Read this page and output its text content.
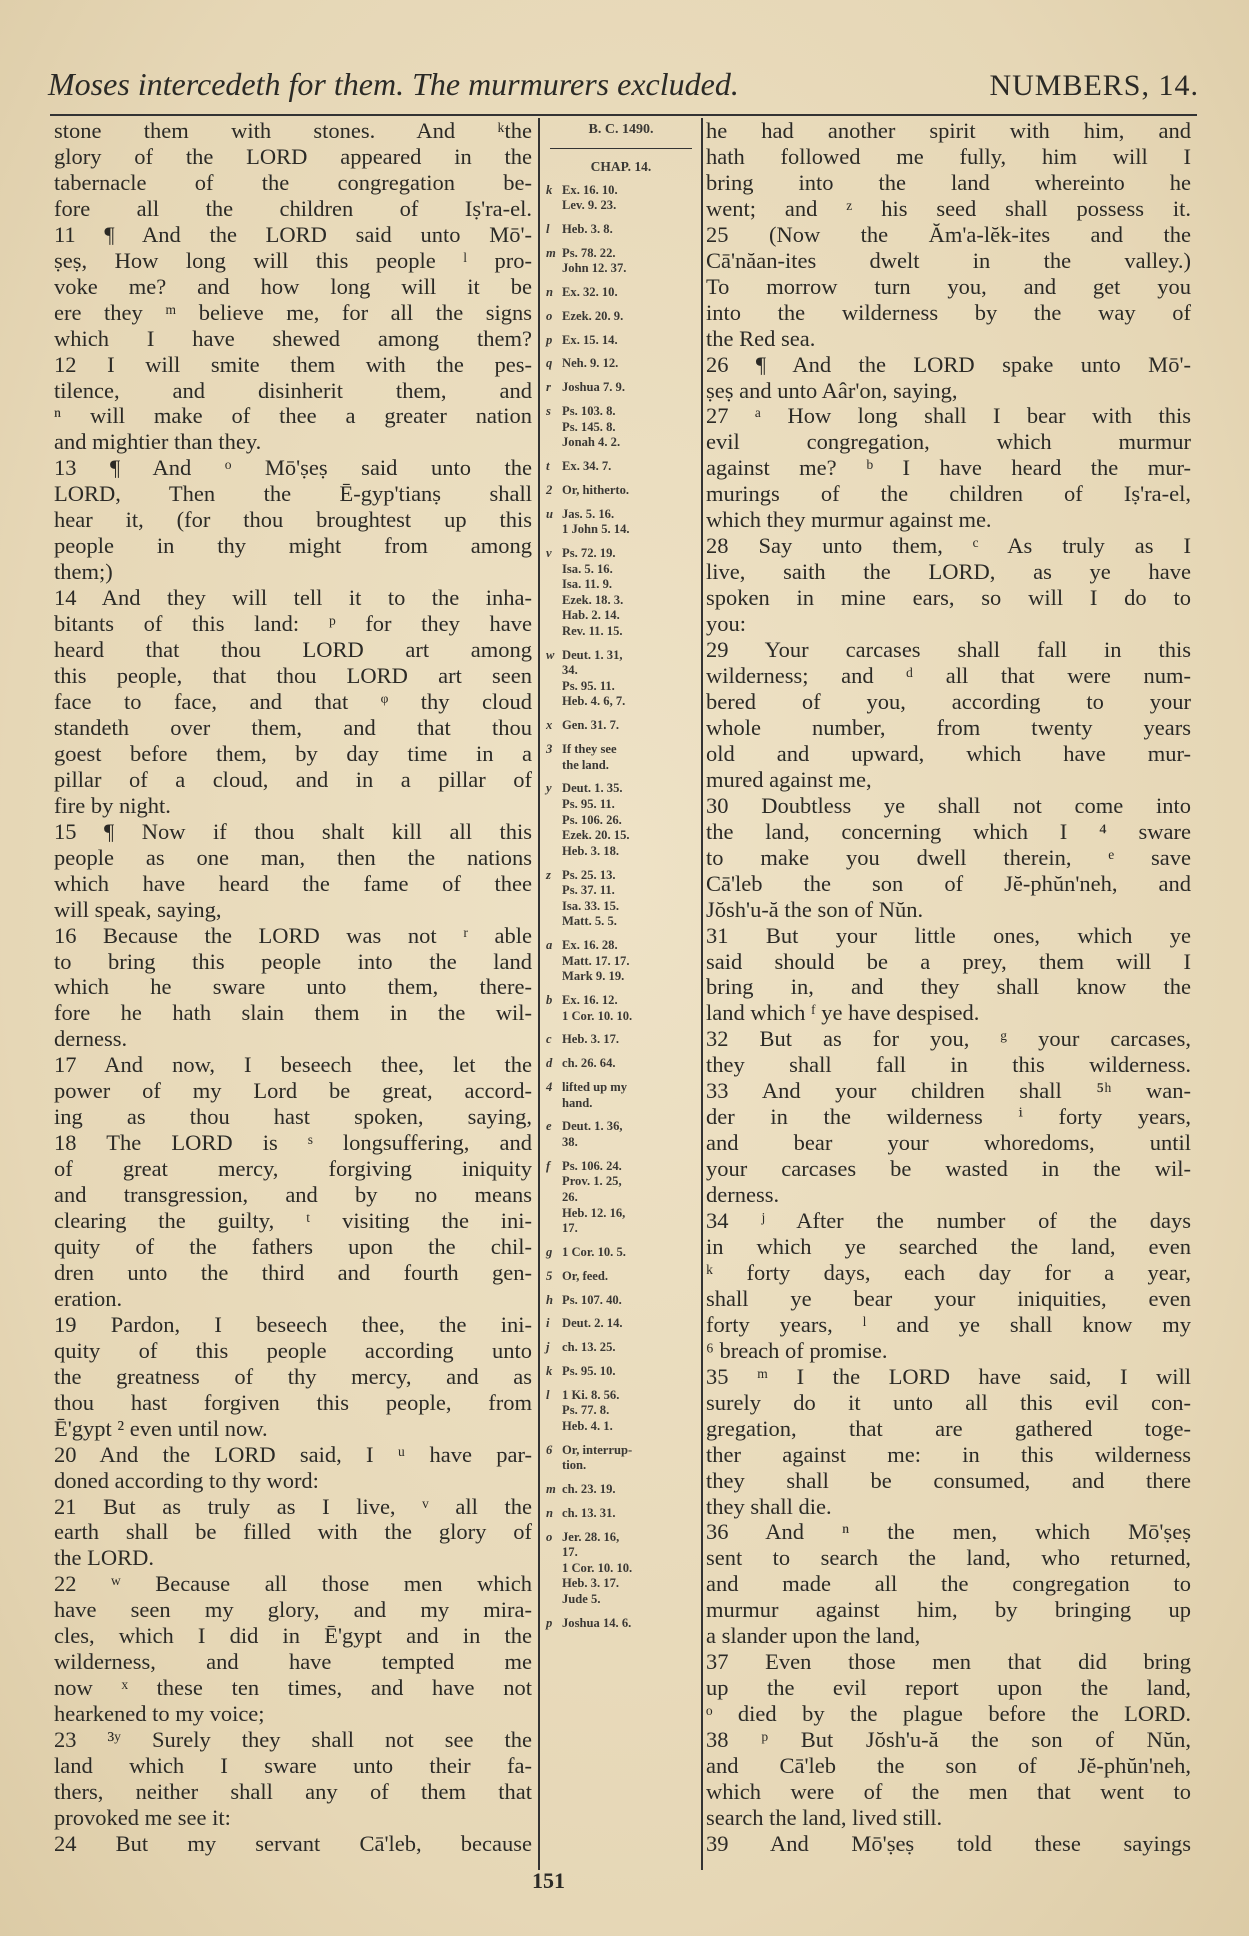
Moses intercedeth for them. The murmurers excluded.	NUMBERS, 14.
stone them with stones. And ᵏthe
glory of the LORD appeared in the
tabernacle of the congregation be-
fore all the children of Iṣ'ra-el.
11 ¶ And the LORD said unto Mō'-
ṣeṣ, How long will this people ˡ pro-
voke me? and how long will it be
ere they ᵐ believe me, for all the signs
which I have shewed among them?
12 I will smite them with the pes-
tilence, and disinherit them, and
ⁿ will make of thee a greater nation
and mightier than they.
13 ¶ And ᵒ Mō'ṣeṣ said unto the
LORD, Then the Ē-gyp'tianṣ shall
hear it, (for thou broughtest up this
people in thy might from among
them;)
14 And they will tell it to the inha-
bitants of this land: ᵖ for they have
heard that thou LORD art among
this people, that thou LORD art seen
face to face, and that ᵠ thy cloud
standeth over them, and that thou
goest before them, by day time in a
pillar of a cloud, and in a pillar of
fire by night.
15 ¶ Now if thou shalt kill all this
people as one man, then the nations
which have heard the fame of thee
will speak, saying,
16 Because the LORD was not ʳ able
to bring this people into the land
which he sware unto them, there-
fore he hath slain them in the wil-
derness.
17 And now, I beseech thee, let the
power of my Lord be great, accord-
ing as thou hast spoken, saying,
18 The LORD is ˢ longsuffering, and
of great mercy, forgiving iniquity
and transgression, and by no means
clearing the guilty, ᵗ visiting the ini-
quity of the fathers upon the chil-
dren unto the third and fourth gen-
eration.
19 Pardon, I beseech thee, the ini-
quity of this people according unto
the greatness of thy mercy, and as
thou hast forgiven this people, from
Ē'gypt ² even until now.
20 And the LORD said, I ᵘ have par-
doned according to thy word:
21 But as truly as I live, ᵛ all the
earth shall be filled with the glory of
the LORD.
22 ʷ Because all those men which
have seen my glory, and my mira-
cles, which I did in Ē'gypt and in the
wilderness, and have tempted me
now ˣ these ten times, and have not
hearkened to my voice;
23 ³ʸ Surely they shall not see the
land which I sware unto their fa-
thers, neither shall any of them that
provoked me see it:
24 But my servant Cā'leb, because
B. C. 1490.
CHAP. 14.
k Ex. 16. 10.
Lev. 9. 23.
l Heb. 3. 8.
m Ps. 78. 22.
John 12. 37.
n Ex. 32. 10.
o Ezek. 20. 9.
p Ex. 15. 14.
q Neh. 9. 12.
r Joshua 7. 9.
s Ps. 103. 8.
Ps. 145. 8.
Jonah 4. 2.
t Ex. 34. 7.
2 Or, hitherto.
u Jas. 5. 16.
1 John 5. 14.
v Ps. 72. 19.
Isa. 5. 16.
Isa. 11. 9.
Ezek. 18. 3.
Hab. 2. 14.
Rev. 11. 15.
w Deut. 1. 31,
34.
Ps. 95. 11.
Heb. 4. 6, 7.
x Gen. 31. 7.
3 If they see
the land.
y Deut. 1. 35.
Ps. 95. 11.
Ps. 106. 26.
Ezek. 20. 15.
Heb. 3. 18.
z Ps. 25. 13.
Ps. 37. 11.
Isa. 33. 15.
Matt. 5. 5.
a Ex. 16. 28.
Matt. 17. 17.
Mark 9. 19.
b Ex. 16. 12.
1 Cor. 10. 10.
c Heb. 3. 17.
d ch. 26. 64.
4 lifted up my
hand.
e Deut. 1. 36,
38.
f Ps. 106. 24.
Prov. 1. 25,
26.
Heb. 12. 16,
17.
g 1 Cor. 10. 5.
5 Or, feed.
h Ps. 107. 40.
i Deut. 2. 14.
j ch. 13. 25.
k Ps. 95. 10.
l 1 Ki. 8. 56.
Ps. 77. 8.
Heb. 4. 1.
6 Or, interrup-
tion.
m ch. 23. 19.
n ch. 13. 31.
o Jer. 28. 16,
17.
1 Cor. 10. 10.
Heb. 3. 17.
Jude 5.
p Joshua 14. 6.
he had another spirit with him, and
hath followed me fully, him will I
bring into the land whereinto he
went; and ᶻ his seed shall possess it.
25 (Now the Ăm'a-lĕk-ites and the
Cā'năan-ites dwelt in the valley.)
To morrow turn you, and get you
into the wilderness by the way of
the Red sea.
26 ¶ And the LORD spake unto Mō'-
ṣeṣ and unto Aâr'on, saying,
27 ᵃ How long shall I bear with this
evil congregation, which murmur
against me? ᵇ I have heard the mur-
murings of the children of Iṣ'ra-el,
which they murmur against me.
28 Say unto them, ᶜ As truly as I
live, saith the LORD, as ye have
spoken in mine ears, so will I do to
you:
29 Your carcases shall fall in this
wilderness; and ᵈ all that were num-
bered of you, according to your
whole number, from twenty years
old and upward, which have mur-
mured against me,
30 Doubtless ye shall not come into
the land, concerning which I ⁴ sware
to make you dwell therein, ᵉ save
Cā'leb the son of Jĕ-phŭn'neh, and
Jŏsh'u-ă the son of Nŭn.
31 But your little ones, which ye
said should be a prey, them will I
bring in, and they shall know the
land which ᶠ ye have despised.
32 But as for you, ᵍ your carcases,
they shall fall in this wilderness.
33 And your children shall ⁵ʰ wan-
der in the wilderness ⁱ forty years,
and bear your whoredoms, until
your carcases be wasted in the wil-
derness.
34 ʲ After the number of the days
in which ye searched the land, even
ᵏ forty days, each day for a year,
shall ye bear your iniquities, even
forty years, ˡ and ye shall know my
⁶ breach of promise.
35 ᵐ I the LORD have said, I will
surely do it unto all this evil con-
gregation, that are gathered toge-
ther against me: in this wilderness
they shall be consumed, and there
they shall die.
36 And ⁿ the men, which Mō'ṣeṣ
sent to search the land, who returned,
and made all the congregation to
murmur against him, by bringing up
a slander upon the land,
37 Even those men that did bring
up the evil report upon the land,
ᵒ died by the plague before the LORD.
38 ᵖ But Jŏsh'u-ă the son of Nŭn,
and Cā'leb the son of Jĕ-phŭn'neh,
which were of the men that went to
search the land, lived still.
39 And Mō'ṣeṣ told these sayings
151
